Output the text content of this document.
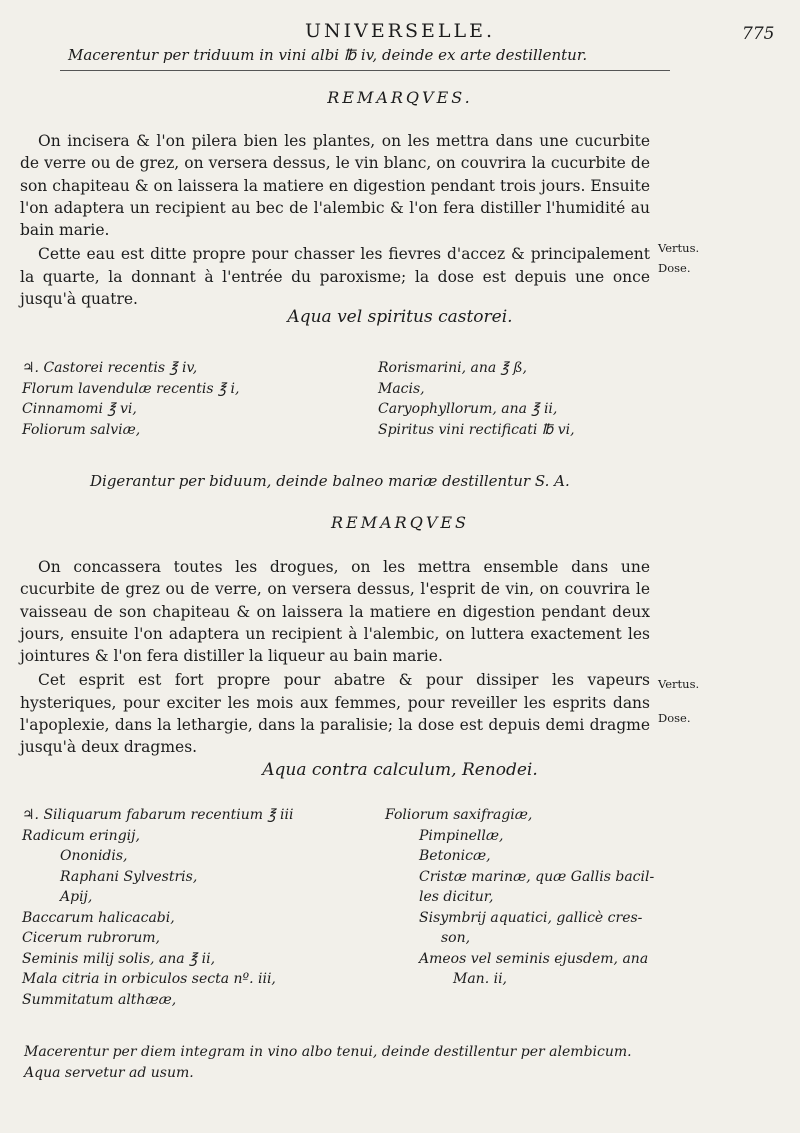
UNIVERSELLE.	775
Macerentur per triduum in vini albi ℔ iv, deinde ex arte destillentur.
REMARQVES.

On incisera & l'on pilera bien les plantes, on les mettra dans une cucurbite de verre ou de grez, on versera dessus, le vin blanc, on couvrira la cucurbite de son chapiteau & on laissera la matiere en digestion pendant trois jours. Ensuite l'on adaptera un recipient au bec de l'alembic & l'on fera distiller l'humidité au bain marie.

Cette eau est ditte propre pour chasser les fievres d'accez & principalement la quarte, la donnant à l'entrée du paroxisme; la dose est depuis une once jusqu'à quatre.

Vertus.
Dose.
Aqua vel spiritus castorei.
♃. Castorei recentis ℥ iv,
Florum lavendulæ recentis ℥ i,
Cinnamomi ℥ vi,
Foliorum salviæ,
Rorismarini, ana ℥ ß,
Macis,
Caryophyllorum, ana ℥ ii,
Spiritus vini rectificati ℔ vi,
Digerantur per biduum, deinde balneo mariæ destillentur S. A.
REMARQVES

On concassera toutes les drogues, on les mettra ensemble dans une cucurbite de grez ou de verre, on versera dessus, l'esprit de vin, on couvrira le vaisseau de son chapiteau & on laissera la matiere en digestion pendant deux jours, ensuite l'on adaptera un recipient à l'alembic, on luttera exactement les jointures & l'on fera distiller la liqueur au bain marie.

Cet esprit est fort propre pour abatre & pour dissiper les vapeurs hysteriques, pour exciter les mois aux femmes, pour reveiller les esprits dans l'apoplexie, dans la lethargie, dans la paralisie; la dose est depuis demi dragme jusqu'à deux dragmes.

Vertus.
Dose.
Aqua contra calculum, Renodei.
♃. Siliquarum fabarum recentium ℥ iii
Radicum eringij,
Ononidis,
Raphani Sylvestris,
Apij,
Baccarum halicacabi,
Cicerum rubrorum,
Seminis milij solis, ana ℥ ii,
Mala citria in orbiculos secta nº. iii,
Summitatum althææ,
Foliorum saxifragiæ,
Pimpinellæ,
Betonicæ,
Cristæ marinæ, quæ Gallis bacil-
les dicitur,
Sisymbrij aquatici, gallicè cres-
son,
Ameos vel seminis ejusdem, ana
Man. ii,
Macerentur per diem integram in vino albo tenui, deinde destillentur per alembicum. Aqua servetur ad usum.
